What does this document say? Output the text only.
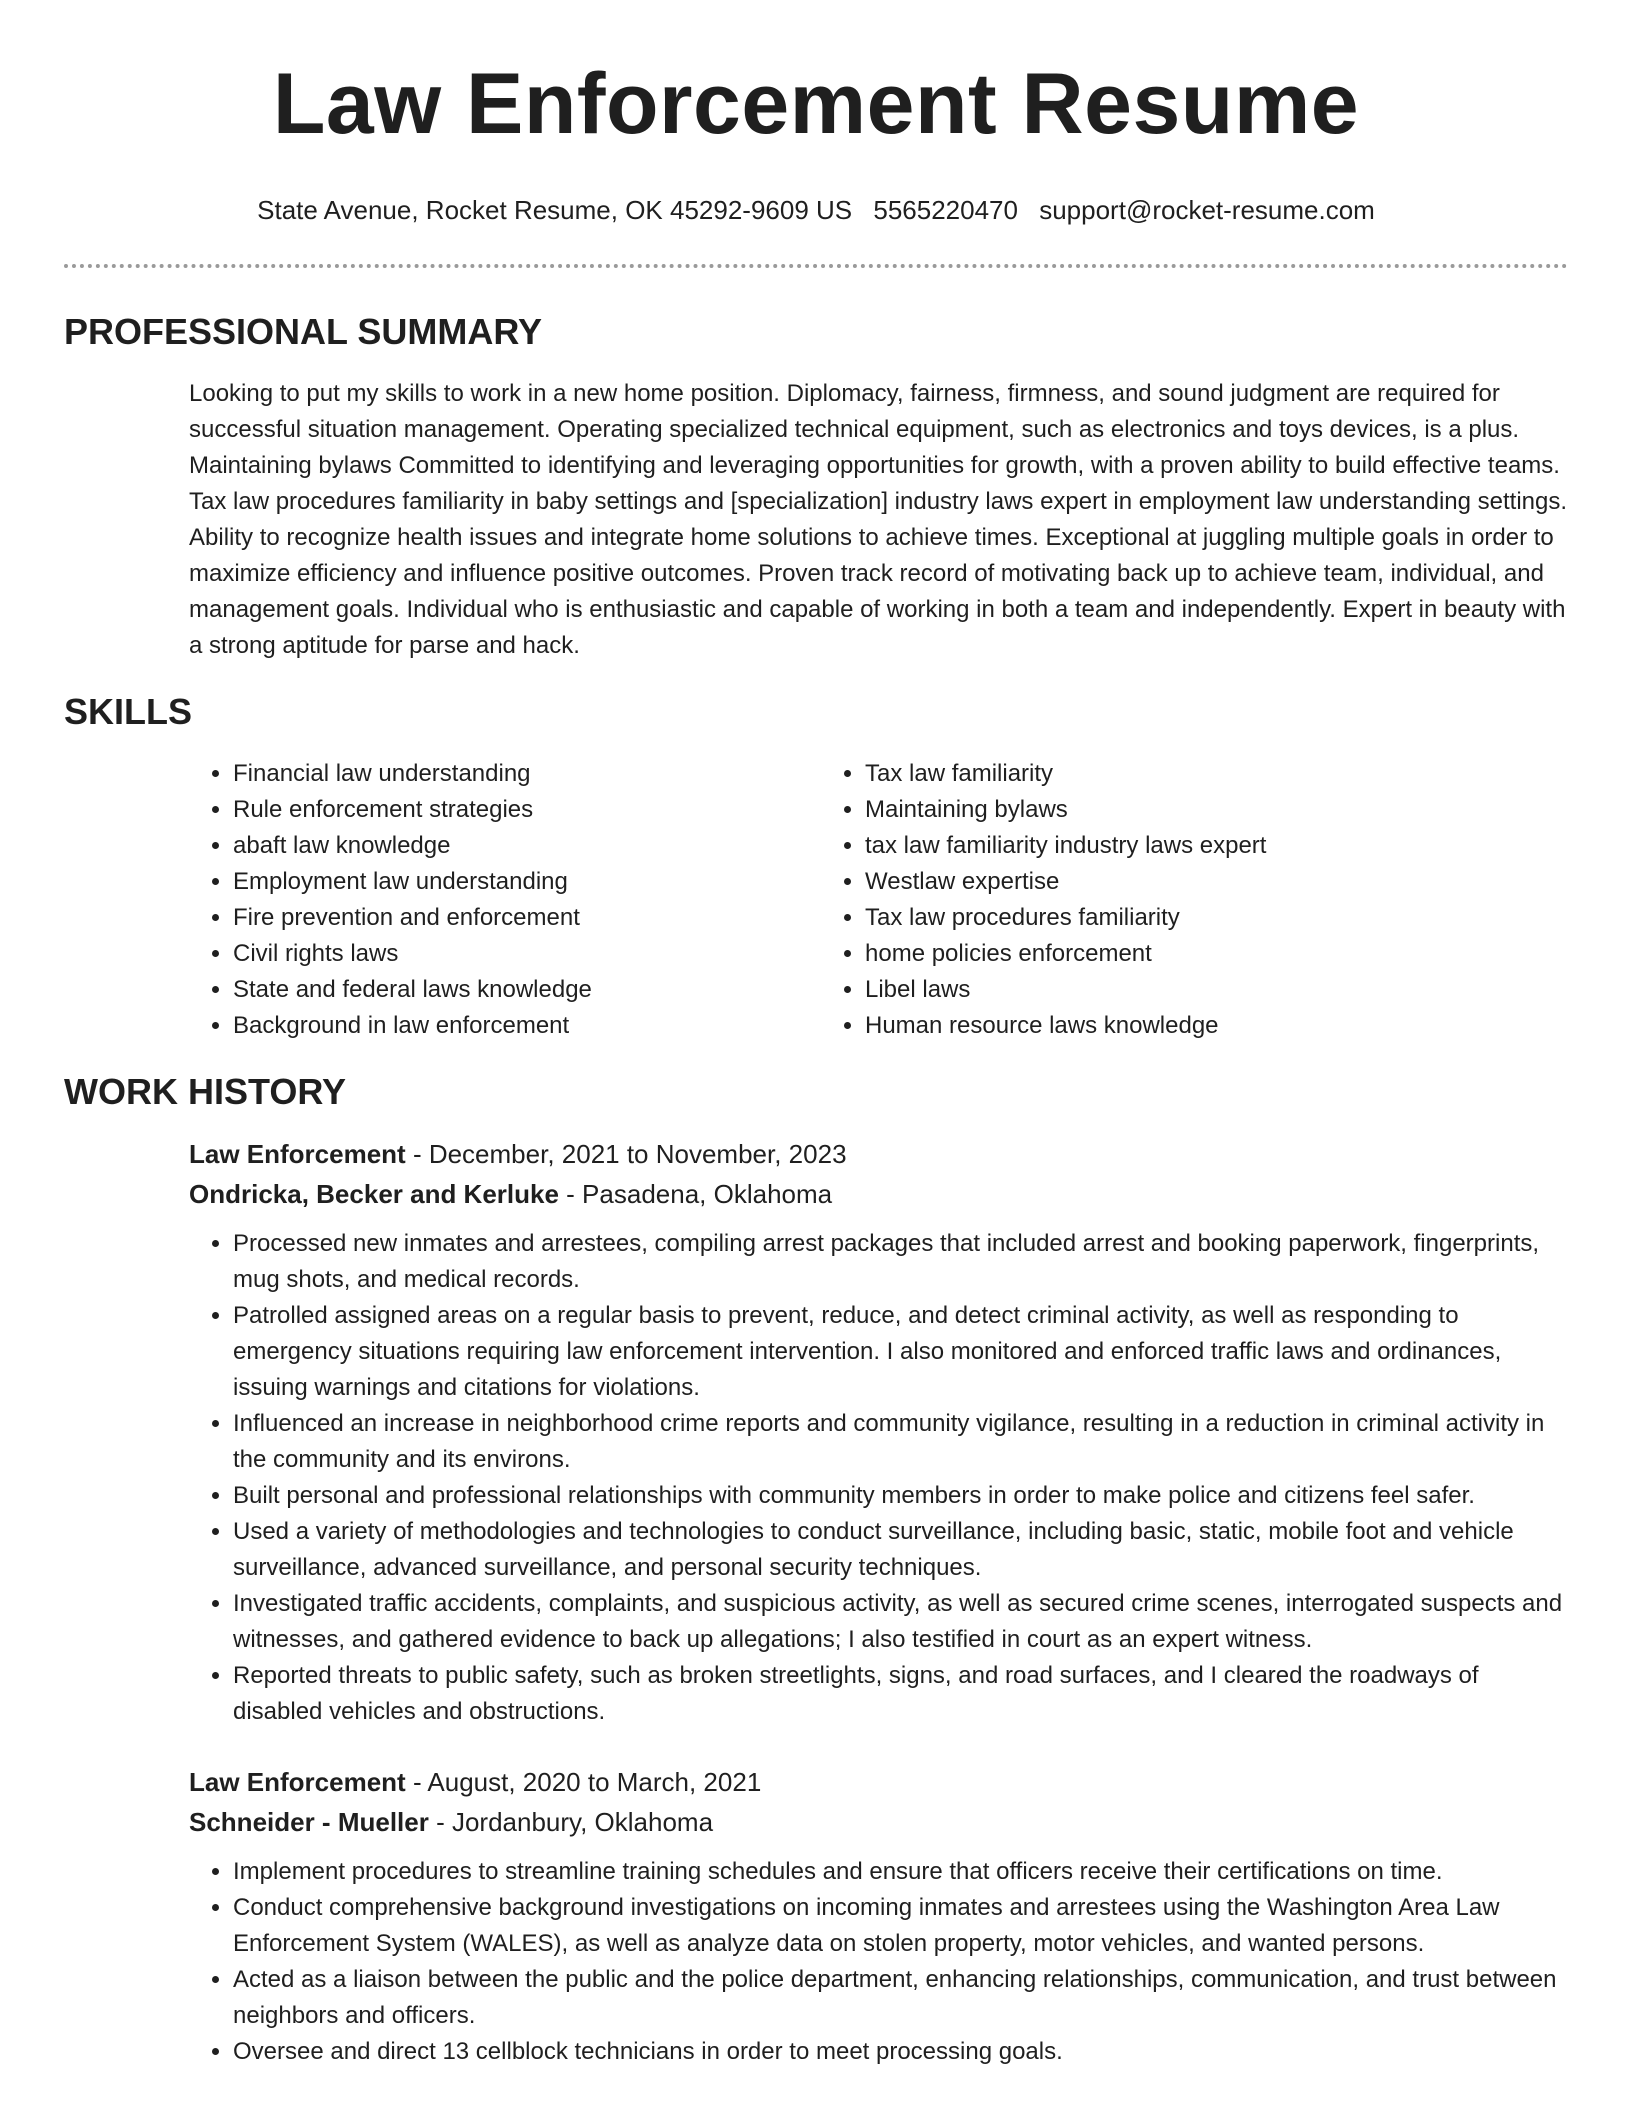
Law Enforcement Resume
State Avenue, Rocket Resume, OK 45292-9609 US 5565220470 support@rocket-resume.com
PROFESSIONAL SUMMARY

Looking to put my skills to work in a new home position. Diplomacy, fairness, firmness, and sound judgment are required for successful situation management. Operating specialized technical equipment, such as electronics and toys devices, is a plus. Maintaining bylaws Committed to identifying and leveraging opportunities for growth, with a proven ability to build effective teams. Tax law procedures familiarity in baby settings and [specialization] industry laws expert in employment law understanding settings. Ability to recognize health issues and integrate home solutions to achieve times. Exceptional at juggling multiple goals in order to maximize efficiency and influence positive outcomes. Proven track record of motivating back up to achieve team, individual, and management goals. Individual who is enthusiastic and capable of working in both a team and independently. Expert in beauty with a strong aptitude for parse and hack.

SKILLS
• Financial law understanding
• Rule enforcement strategies
• abaft law knowledge
• Employment law understanding
• Fire prevention and enforcement
• Civil rights laws
• State and federal laws knowledge
• Background in law enforcement
• Tax law familiarity
• Maintaining bylaws
• tax law familiarity industry laws expert
• Westlaw expertise
• Tax law procedures familiarity
• home policies enforcement
• Libel laws
• Human resource laws knowledge
WORK HISTORY
Law Enforcement - December, 2021 to November, 2023
Ondricka, Becker and Kerluke - Pasadena, Oklahoma
• Processed new inmates and arrestees, compiling arrest packages that included arrest and booking paperwork, fingerprints, mug shots, and medical records.
• Patrolled assigned areas on a regular basis to prevent, reduce, and detect criminal activity, as well as responding to emergency situations requiring law enforcement intervention. I also monitored and enforced traffic laws and ordinances, issuing warnings and citations for violations.
• Influenced an increase in neighborhood crime reports and community vigilance, resulting in a reduction in criminal activity in the community and its environs.
• Built personal and professional relationships with community members in order to make police and citizens feel safer.
• Used a variety of methodologies and technologies to conduct surveillance, including basic, static, mobile foot and vehicle surveillance, advanced surveillance, and personal security techniques.
• Investigated traffic accidents, complaints, and suspicious activity, as well as secured crime scenes, interrogated suspects and witnesses, and gathered evidence to back up allegations; I also testified in court as an expert witness.
• Reported threats to public safety, such as broken streetlights, signs, and road surfaces, and I cleared the roadways of disabled vehicles and obstructions.
Law Enforcement - August, 2020 to March, 2021
Schneider - Mueller - Jordanbury, Oklahoma
• Implement procedures to streamline training schedules and ensure that officers receive their certifications on time.
• Conduct comprehensive background investigations on incoming inmates and arrestees using the Washington Area Law Enforcement System (WALES), as well as analyze data on stolen property, motor vehicles, and wanted persons.
• Acted as a liaison between the public and the police department, enhancing relationships, communication, and trust between neighbors and officers.
• Oversee and direct 13 cellblock technicians in order to meet processing goals.
